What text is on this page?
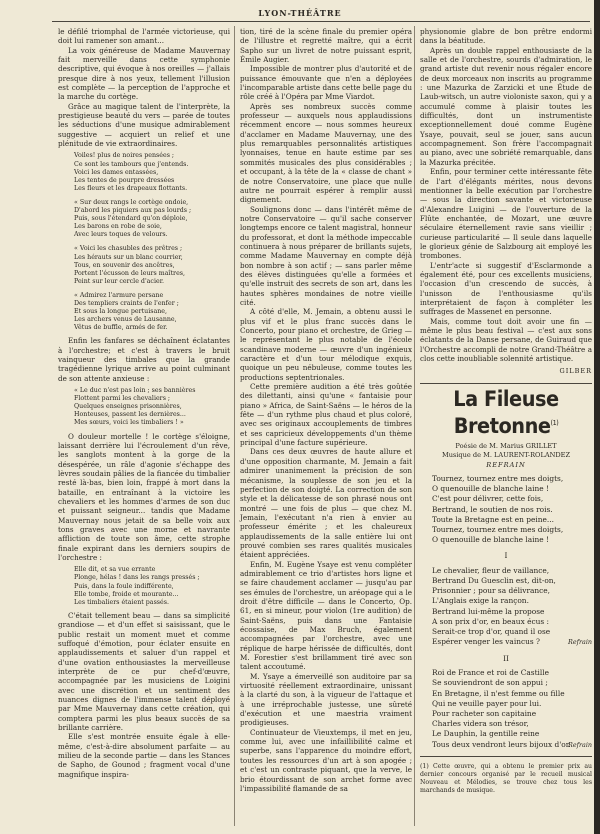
LYON-THÉÂTRE

le défilé triomphal de l'armée victorieuse, qui doit lui ramener son amant...

La voix généreuse de Madame Mauvernay fait merveille dans cette symphonie descriptive, qui évoque à nos oreilles — j'allais presque dire à nos yeux, tellement l'illusion est complète — la perception de l'approche et la marche du cortège.

Grâce au magique talent de l'interprète, la prestigieuse beauté du vers — parée de toutes les séductions d'une musique admirablement suggestive — acquiert un relief et une plénitude de vie extraordinaires.

Voiles! plus de noires pensées ;
Ce sont les tambours que j'entends.
Voici les dames entassées,
Les tentes de pourpre dressées
Les fleurs et les drapeaux flottants.
« Sur deux rangs le cortège ondoie,
D'abord les piquiers aux pas lourds ;
Puis, sous l'étendard qu'on déploie,
Les barons en robe de soie,
Avec leurs toques de velours.
« Voici les chasubles des prêtres ;
Les hérauts sur un blanc courrier,
Tous, en souvenir des ancêtres,
Portent l'écusson de leurs maîtres,
Peint sur leur cercle d'acier.
« Admirez l'armure persane
Des templiers craints de l'enfer ;
Et sous la longue pertuisane,
Les archers venus de Lausanne,
Vêtus de buffle, armés de fer.

Enfin les fanfares se déchaînent éclatantes à l'orchestre; et c'est à travers le bruit vainqueur des timbales que la grande tragédienne lyrique arrive au point culminant de son attente anxieuse :

« Le duc n'est pas loin ; ses bannières
Flottent parmi les chevaliers ;
Quelques enseignes prisonnières,
Honteuses, passent les dernières...
Mes sœurs, voici les timbaliers ! »

O douleur mortelle ! le cortège s'éloigne, laissant derrière lui l'écroulement d'un rêve, les sanglots montent à la gorge de la désespérée, un râle d'agonie s'échappe des lèvres soudain pâlies de la fiancée du timbalier resté là-bas, bien loin, frappé à mort dans la bataille, en entraînant à la victoire les chevaliers et les hommes d'armes de son duc et puissant seigneur... tandis que Madame Mauvernay nous jetait de sa belle voix aux tons graves avec une morne et navrante affliction de toute son âme, cette strophe finale expirant dans les derniers soupirs de l'orchestre :

Elle dit, et sa vue errante
Plonge, hélas ! dans les rangs pressés ;
Puis, dans la foule indifférente,
Elle tombe, froide et mourante...
Les timbaliers étaient passés.

C'était tellement beau — dans sa simplicité grandiose — et d'un effet si saisissant, que le public restait un moment muet et comme suffoqué d'émotion, pour éclater ensuite en applaudissements et saluer d'un rappel et d'une ovation enthousiastes la merveilleuse interprète de ce pur chef-d'œuvre, accompagnée par les musiciens de Loigini avec une discrétion et un sentiment des nuances dignes de l'immense talent déployé par Mme Mauvernay dans cette création, qui comptera parmi les plus beaux succès de sa brillante carrière.

Elle s'est montrée ensuite égale à elle-même, c'est-à-dire absolument parfaite — au milieu de la seconde partie — dans les Stances de Sapho, de Gounod ; fragment vocal d'une magnifique inspira-

tion, tiré de la scène finale du premier opéra de l'illustre et regretté maître, qui a écrit Sapho sur un livret de notre puissant esprit, Émile Augier.

Impossible de montrer plus d'autorité et de puissance émouvante que n'en a déployées l'incomparable artiste dans cette belle page du rôle créé à l'Opéra par Mme Viardot.

Après ses nombreux succès comme professeur — auxquels nous applaudissions récemment encore — nous sommes heureux d'acclamer en Madame Mauvernay, une des plus remarquables personnalités artistiques lyonnaises, tenue en haute estime par ses sommités musicales des plus considérables ; et occupant, à la tête de la « classe de chant » de notre Conservatoire, une place que nulle autre ne pourrait espérer à remplir aussi dignement.

Soulignons donc — dans l'intérêt même de notre Conservatoire — qu'il sache conserver longtemps encore ce talent magistral, honneur du professorat, et dont la méthode impeccable continuera à nous préparer de brillants sujets, comme Madame Mauvernay en compte déjà bon nombre à son actif ; — sans parler même des élèves distinguées qu'elle a formées et qu'elle instruit des secrets de son art, dans les hautes sphères mondaines de notre vieille cité.

A côté d'elle, M. Jemain, a obtenu aussi le plus vif et le plus franc succès dans le Concerto, pour piano et orchestre, de Grieg — le représentant le plus notable de l'école scandinave moderne — œuvre d'un ingénieux caractère et d'un tour mélodique exquis, quoique un peu nébuleuse, comme toutes les productions septentrionales.

Cette première audition a été très goûtée des dilettanti, ainsi qu'une « fantaisie pour piano » Africa, de Saint-Saëns — le héros de la fête — d'un rythme plus chaud et plus coloré, avec ses originaux accouplements de timbres et ses capricieux développements d'un thème principal d'une facture supérieure.

Dans ces deux œuvres de haute allure et d'une opposition charmante, M. Jemain a fait admirer unanimement la précision de son mécanisme, la souplesse de son jeu et la perfection de son doigté. La correction de son style et la délicatesse de son phrasé nous ont montré — une fois de plus — que chez M. Jemain, l'exécutant n'a rien à envier au professeur émérite ; et les chaleureux applaudissements de la salle entière lui ont prouvé combien ses rares qualités musicales étaient appréciées.

Enfin, M. Eugène Ysaye est venu compléter admirablement ce trio d'artistes hors ligne et se faire chaudement acclamer — jusqu'au par ses émules de l'orchestre, un aréopage qui a le droit d'être difficile — dans le Concerto, Op. 61, en si mineur, pour violon (1re audition) de Saint-Saëns, puis dans une Fantaisie écossaise, de Max Bruch, également accompagnées par l'orchestre, avec une réplique de harpe hérissée de difficultés, dont M. Forestier s'est brillamment tiré avec son talent accoutumé.

M. Ysaye a émerveillé son auditoire par sa virtuosité réellement extraordinaire, unissant à la clarté du son, à la vigueur de l'attaque et à une irréprochable justesse, une sûreté d'exécution et une maestria vraiment prodigieuses.

Continuateur de Vieuxtemps, il met en jeu, comme lui, avec une infaillibilité calme et superbe, sans l'apparence du moindre effort, toutes les ressources d'un art à son apogée ; et c'est un contraste piquant, que la verve, le brio étourdissant de son archet forme avec l'impassibilité flamande de sa

physionomie glabre de bon prêtre endormi dans la béatitude.

Après un double rappel enthousiaste de la salle et de l'orchestre, sourds d'admiration, le grand artiste dut revenir nous régaler encore de deux morceaux non inscrits au programme : une Mazurka de Zarzicki et une Étude de Laub-witsch, un autre violoniste saxon, qui y a accumulé comme à plaisir toutes les difficultés, dont un instrumentiste exceptionnellement doué comme Eugène Ysaye, pouvait, seul se jouer, sans aucun accompagnement. Son frère l'accompagnait au piano, avec une sobriété remarquable, dans la Mazurka précitée.

Enfin, pour terminer cette intéressante fête de l'art d'élégants mérites, nous devons mentionner la belle exécution par l'orchestre — sous la direction savante et victorieuse d'Alexandre Luigini — de l'ouverture de la Flûte enchantée, de Mozart, une œuvre séculaire éternellement ravie sans vieillir ; curieuse particularité — Il seule dans laquelle le glorieux génie de Salzbourg ait employé les trombones.

L'entr'acte si suggestif d'Esclarmonde a également été, pour ces excellents musiciens, l'occasion d'un crescendo de succès, à l'unisson de l'enthousiasme qu'ils interprétaient de façon à compléter les suffrages de Massenet en personne.

Mais, comme tout doit avoir une fin — même le plus beau festival — c'est aux sons éclatants de la Danse persane, de Guiraud que l'Orchestre accompli de notre Grand-Théâtre a clos cette inoubliable solennité artistique.

GILBER
La Fileuse Bretonne$^{(1)}$
Poésie de M. Marius GRILLET
Musique de M. LAURENT-ROLANDEZ
REFRAIN
Tournez, tournez entre mes doigts,
O quenouille de blanche laine !
C'est pour délivrer, cette fois,
Bertrand, le soutien de nos rois.
Toute la Bretagne est en peine...
Tournez, tournez entre mes doigts,
O quenouille de blanche laine !
I
Le chevalier, fleur de vaillance,
Bertrand Du Guesclin est, dit-on,
Prisonnier ; pour sa délivrance,
L'Anglais exige la rançon.
Bertrand lui-même la propose
A son prix d'or, en beaux écus :
Serait-ce trop d'or, quand il ose
Espérer venger les vaincus ?	Refrain
II
Roi de France et roi de Castille
Se souviendront de son appui ;
En Bretagne, il n'est femme ou fille
Qui ne veuille payer pour lui.
Pour racheter son capitaine
Charles videra son trésor,
Le Dauphin, la gentille reine
Tous deux vendront leurs bijoux d'or.
Refrain
(1) Cette œuvre, qui a obtenu le premier prix au dernier concours organisé par le recueil musical Nouveau et Mélodies, se trouve chez tous les marchands de musique.
